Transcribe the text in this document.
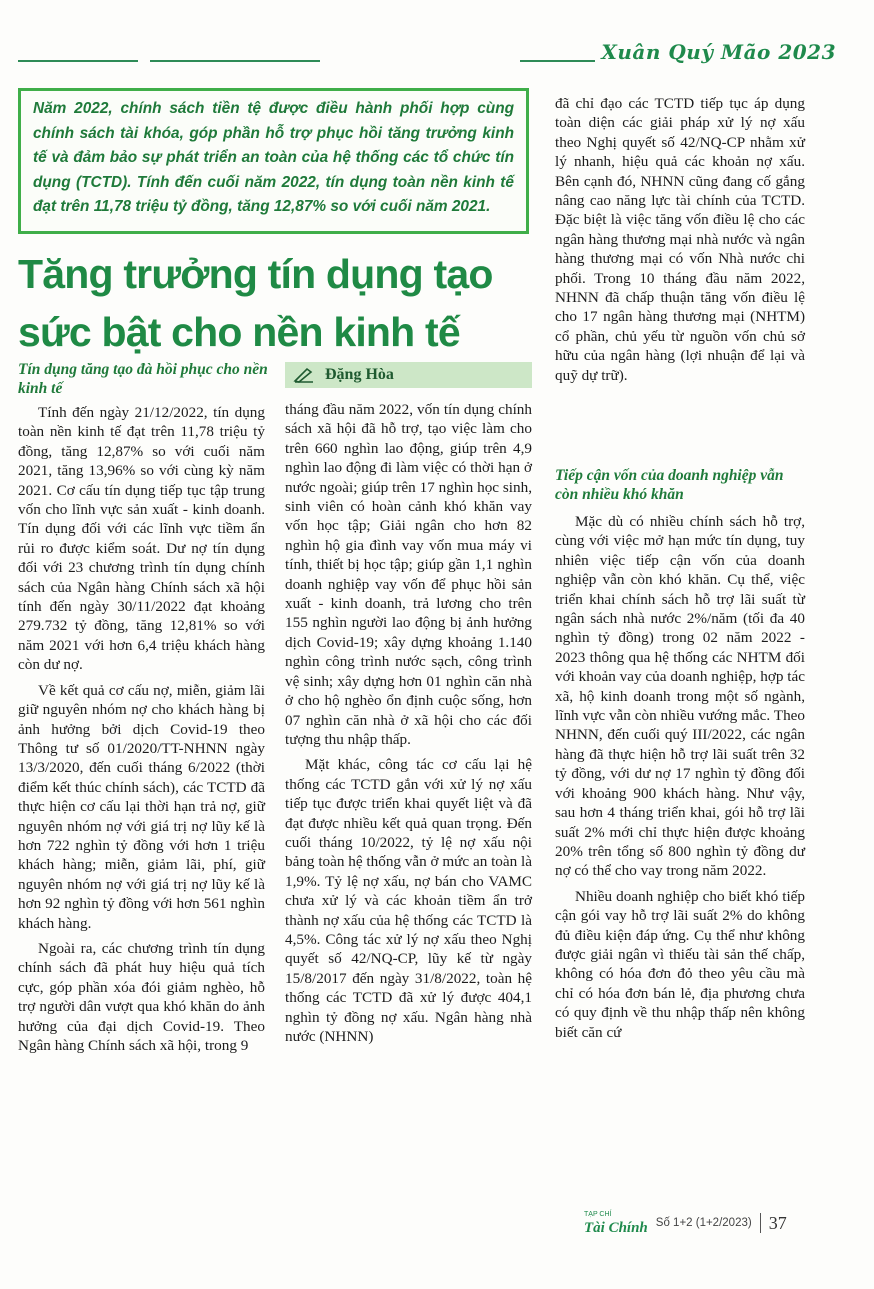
Xuân Quý Mão 2023
Năm 2022, chính sách tiền tệ được điều hành phối hợp cùng chính sách tài khóa, góp phần hỗ trợ phục hồi tăng trưởng kinh tế và đảm bảo sự phát triển an toàn của hệ thống các tổ chức tín dụng (TCTD). Tính đến cuối năm 2022, tín dụng toàn nền kinh tế đạt trên 11,78 triệu tỷ đồng, tăng 12,87% so với cuối năm 2021.
Tăng trưởng tín dụng tạo
sức bật cho nền kinh tế
Tín dụng tăng tạo đà hồi phục cho nền kinh tế
Đặng Hòa

Tính đến ngày 21/12/2022, tín dụng toàn nền kinh tế đạt trên 11,78 triệu tỷ đồng, tăng 12,87% so với cuối năm 2021, tăng 13,96% so với cùng kỳ năm 2021. Cơ cấu tín dụng tiếp tục tập trung vốn cho lĩnh vực sản xuất - kinh doanh. Tín dụng đối với các lĩnh vực tiềm ẩn rủi ro được kiểm soát. Dư nợ tín dụng đối với 23 chương trình tín dụng chính sách của Ngân hàng Chính sách xã hội tính đến ngày 30/11/2022 đạt khoảng 279.732 tỷ đồng, tăng 12,81% so với năm 2021 với hơn 6,4 triệu khách hàng còn dư nợ.

Về kết quả cơ cấu nợ, miễn, giảm lãi giữ nguyên nhóm nợ cho khách hàng bị ảnh hưởng bởi dịch Covid-19 theo Thông tư số 01/2020/TT-NHNN ngày 13/3/2020, đến cuối tháng 6/2022 (thời điểm kết thúc chính sách), các TCTD đã thực hiện cơ cấu lại thời hạn trả nợ, giữ nguyên nhóm nợ với giá trị nợ lũy kế là hơn 722 nghìn tỷ đồng với hơn 1 triệu khách hàng; miễn, giảm lãi, phí, giữ nguyên nhóm nợ với giá trị nợ lũy kế là hơn 92 nghìn tỷ đồng với hơn 561 nghìn khách hàng.

Ngoài ra, các chương trình tín dụng chính sách đã phát huy hiệu quả tích cực, góp phần xóa đói giảm nghèo, hỗ trợ người dân vượt qua khó khăn do ảnh hưởng của đại dịch Covid-19. Theo Ngân hàng Chính sách xã hội, trong 9

tháng đầu năm 2022, vốn tín dụng chính sách xã hội đã hỗ trợ, tạo việc làm cho trên 660 nghìn lao động, giúp trên 4,9 nghìn lao động đi làm việc có thời hạn ở nước ngoài; giúp trên 17 nghìn học sinh, sinh viên có hoàn cảnh khó khăn vay vốn học tập; Giải ngân cho hơn 82 nghìn hộ gia đình vay vốn mua máy vi tính, thiết bị học tập; giúp gần 1,1 nghìn doanh nghiệp vay vốn để phục hồi sản xuất - kinh doanh, trả lương cho trên 155 nghìn người lao động bị ảnh hưởng dịch Covid-19; xây dựng khoảng 1.140 nghìn công trình nước sạch, công trình vệ sinh; xây dựng hơn 01 nghìn căn nhà ở cho hộ nghèo ổn định cuộc sống, hơn 07 nghìn căn nhà ở xã hội cho các đối tượng thu nhập thấp.

Mặt khác, công tác cơ cấu lại hệ thống các TCTD gắn với xử lý nợ xấu tiếp tục được triển khai quyết liệt và đã đạt được nhiều kết quả quan trọng. Đến cuối tháng 10/2022, tỷ lệ nợ xấu nội bảng toàn hệ thống vẫn ở mức an toàn là 1,9%. Tỷ lệ nợ xấu, nợ bán cho VAMC chưa xử lý và các khoản tiềm ẩn trở thành nợ xấu của hệ thống các TCTD là 4,5%. Công tác xử lý nợ xấu theo Nghị quyết số 42/NQ-CP, lũy kế từ ngày 15/8/2017 đến ngày 31/8/2022, toàn hệ thống các TCTD đã xử lý được 404,1 nghìn tỷ đồng nợ xấu. Ngân hàng nhà nước (NHNN)

đã chỉ đạo các TCTD tiếp tục áp dụng toàn diện các giải pháp xử lý nợ xấu theo Nghị quyết số 42/NQ-CP nhằm xử lý nhanh, hiệu quả các khoản nợ xấu. Bên cạnh đó, NHNN cũng đang cố gắng nâng cao năng lực tài chính của TCTD. Đặc biệt là việc tăng vốn điều lệ cho các ngân hàng thương mại nhà nước và ngân hàng thương mại có vốn Nhà nước chi phối. Trong 10 tháng đầu năm 2022, NHNN đã chấp thuận tăng vốn điều lệ cho 17 ngân hàng thương mại (NHTM) cổ phần, chủ yếu từ nguồn vốn chủ sở hữu của ngân hàng (lợi nhuận để lại và quỹ dự trữ).

Tiếp cận vốn của doanh nghiệp vẫn còn nhiều khó khăn

Mặc dù có nhiều chính sách hỗ trợ, cùng với việc mở hạn mức tín dụng, tuy nhiên việc tiếp cận vốn của doanh nghiệp vẫn còn khó khăn. Cụ thể, việc triển khai chính sách hỗ trợ lãi suất từ ngân sách nhà nước 2%/năm (tối đa 40 nghìn tỷ đồng) trong 02 năm 2022 - 2023 thông qua hệ thống các NHTM đối với khoản vay của doanh nghiệp, hợp tác xã, hộ kinh doanh trong một số ngành, lĩnh vực vẫn còn nhiều vướng mắc. Theo NHNN, đến cuối quý III/2022, các ngân hàng đã thực hiện hỗ trợ lãi suất trên 32 tỷ đồng, với dư nợ 17 nghìn tỷ đồng đối với khoảng 900 khách hàng. Như vậy, sau hơn 4 tháng triển khai, gói hỗ trợ lãi suất 2% mới chỉ thực hiện được khoảng 20% trên tổng số 800 nghìn tỷ đồng dư nợ có thể cho vay trong năm 2022.

Nhiều doanh nghiệp cho biết khó tiếp cận gói vay hỗ trợ lãi suất 2% do không đủ điều kiện đáp ứng. Cụ thể như không được giải ngân vì thiếu tài sản thế chấp, không có hóa đơn đỏ theo yêu cầu mà chỉ có hóa đơn bán lẻ, địa phương chưa có quy định về thu nhập thấp nên không biết căn cứ

TẠP CHÍ
Tài Chính Số 1+2 (1+2/2023) 37
